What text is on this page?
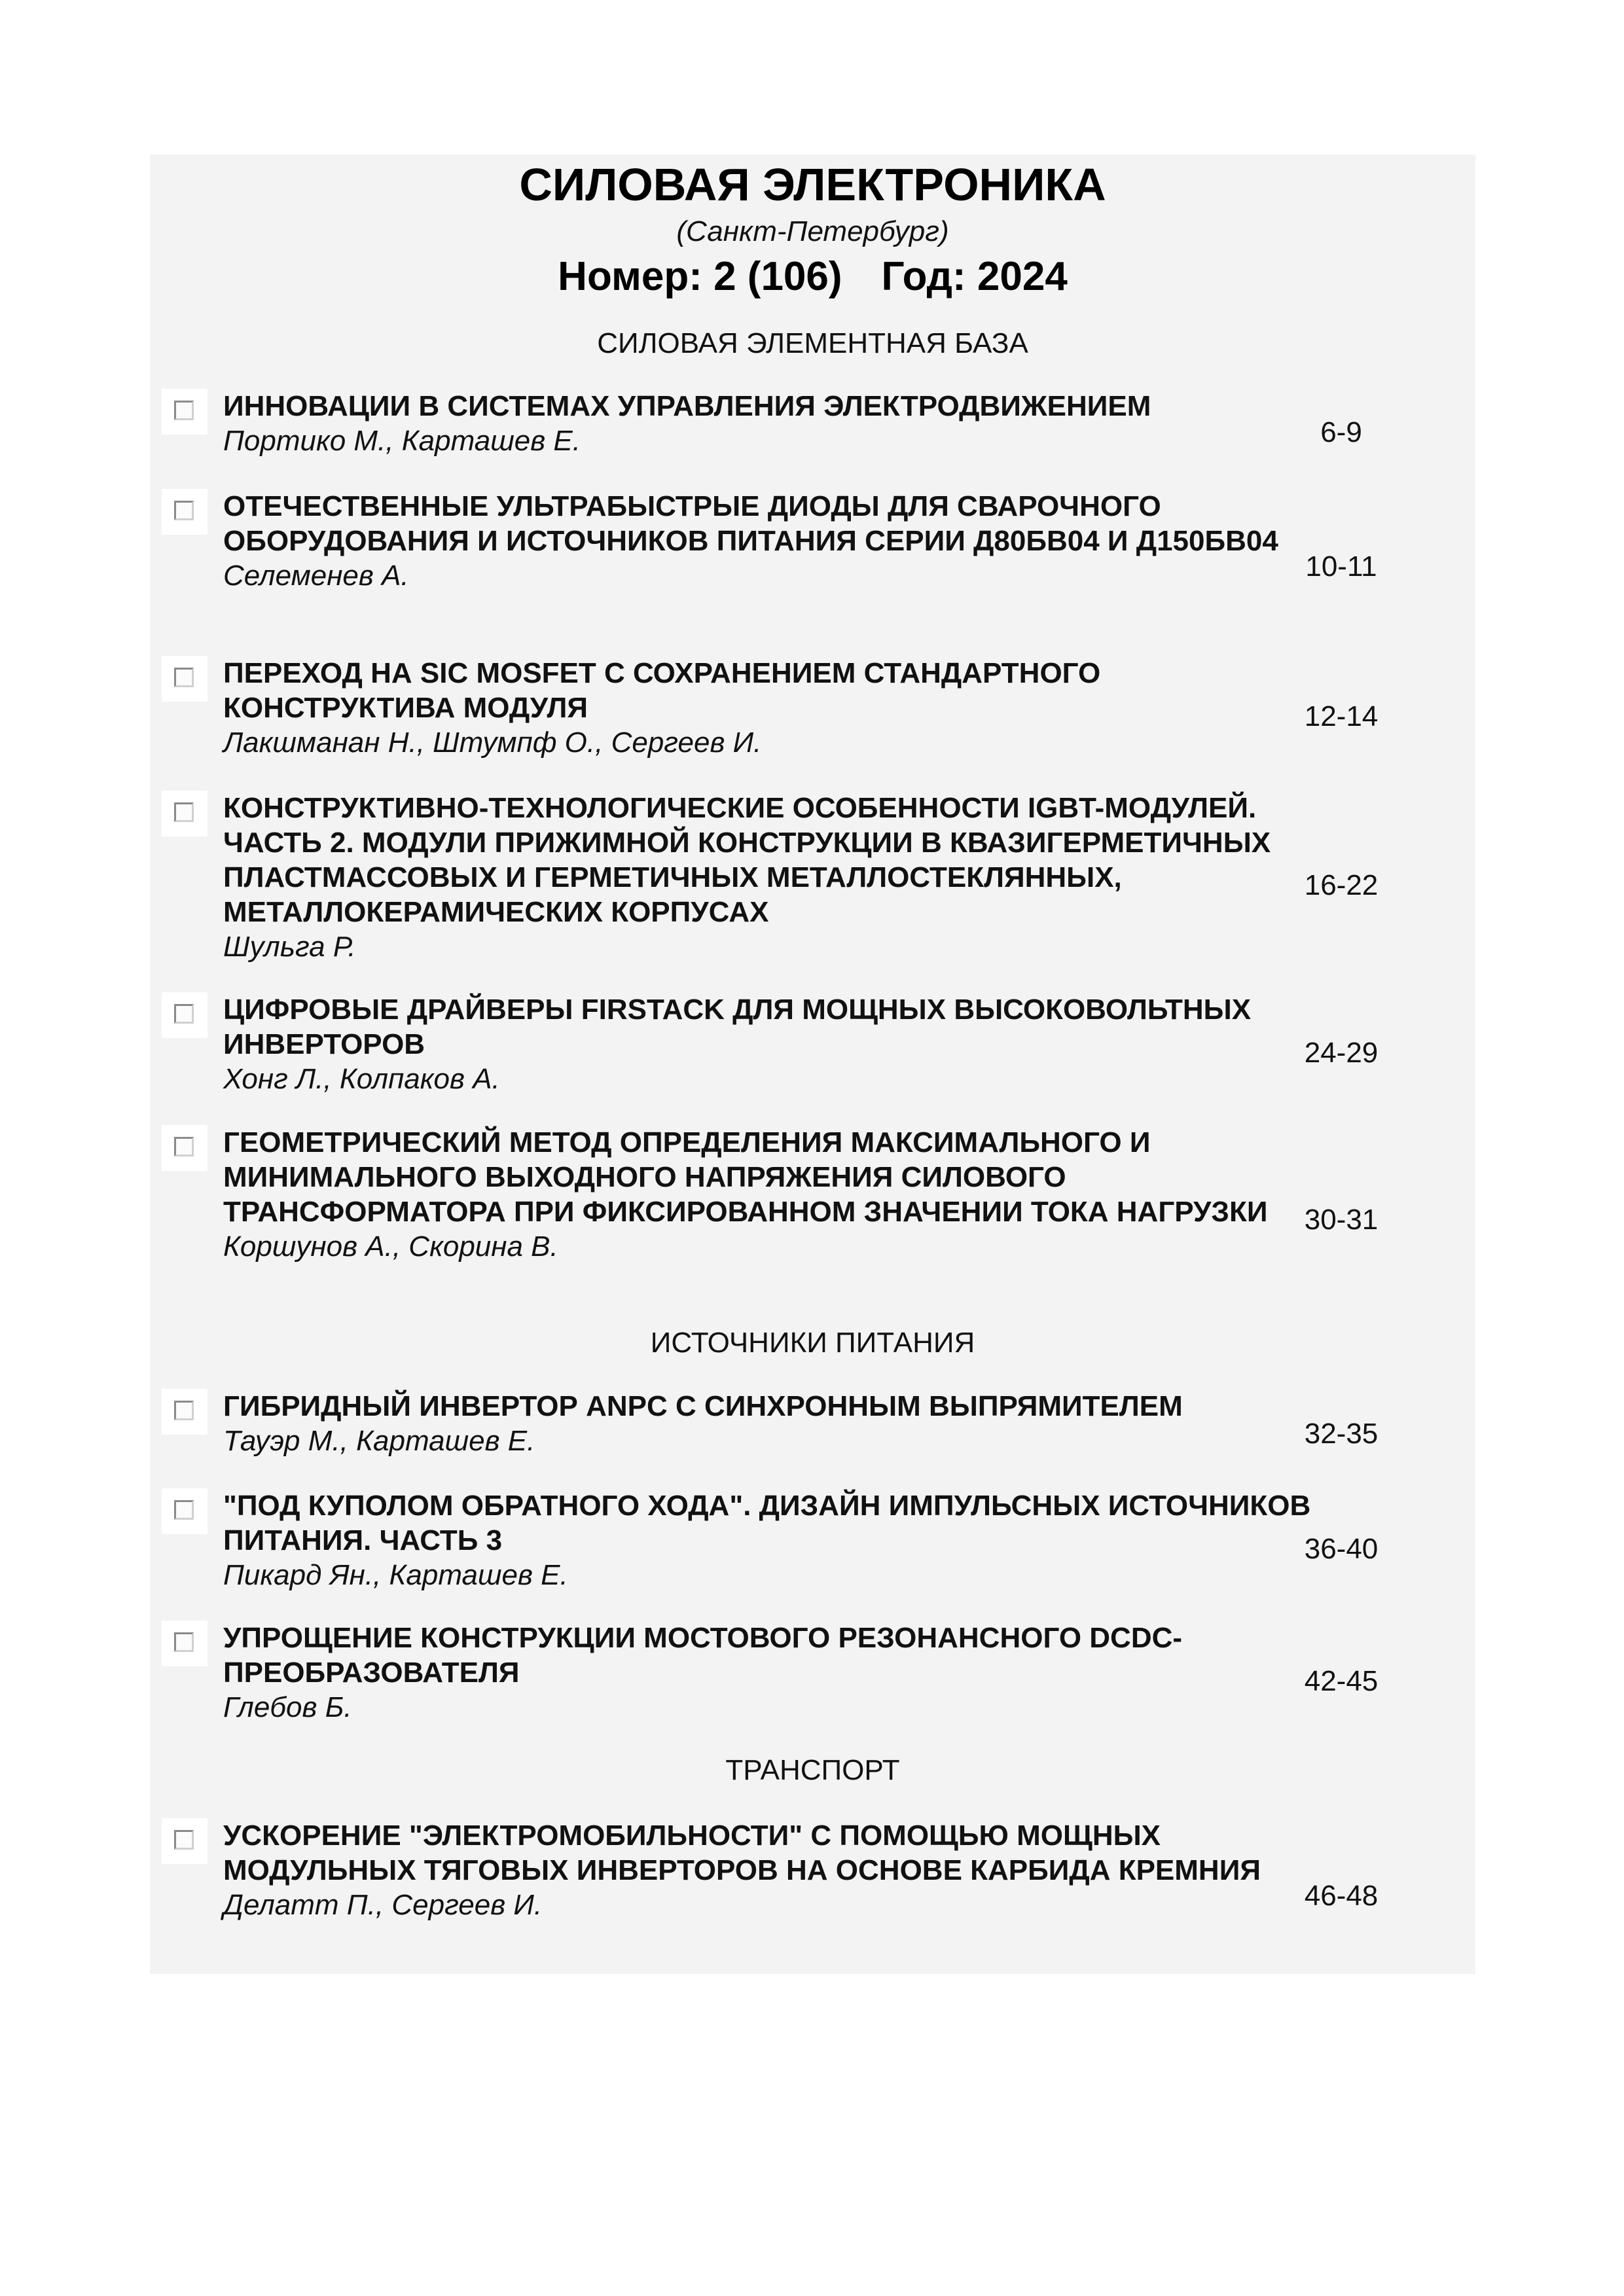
СИЛОВАЯ ЭЛЕКТРОНИКА
(Санкт-Петербург)
Номер: 2 (106) Год: 2024
СИЛОВАЯ ЭЛЕМЕНТНАЯ БАЗА
ИННОВАЦИИ В СИСТЕМАХ УПРАВЛЕНИЯ ЭЛЕКТРОДВИЖЕНИЕМ
Портико М., Карташев Е.	6-9
ОТЕЧЕСТВЕННЫЕ УЛЬТРАБЫСТРЫЕ ДИОДЫ ДЛЯ СВАРОЧНОГО ОБОРУДОВАНИЯ И ИСТОЧНИКОВ ПИТАНИЯ СЕРИИ Д80БВ04 И Д150БВ04
Селеменев А.	10-11
ПЕРЕХОД НА SIC MOSFET С СОХРАНЕНИЕМ СТАНДАРТНОГО КОНСТРУКТИВА МОДУЛЯ
Лакшманан Н., Штумпф О., Сергеев И.
12-14
КОНСТРУКТИВНО-ТЕХНОЛОГИЧЕСКИЕ ОСОБЕННОСТИ IGBT-МОДУЛЕЙ. ЧАСТЬ 2. МОДУЛИ ПРИЖИМНОЙ КОНСТРУКЦИИ В КВАЗИГЕРМЕТИЧНЫХ ПЛАСТМАССОВЫХ И ГЕРМЕТИЧНЫХ МЕТАЛЛОСТЕКЛЯННЫХ, МЕТАЛЛОКЕРАМИЧЕСКИХ КОРПУСАХ
Шульга Р.
16-22
ЦИФРОВЫЕ ДРАЙВЕРЫ FIRSTACK ДЛЯ МОЩНЫХ ВЫСОКОВОЛЬТНЫХ ИНВЕРТОРОВ
Хонг Л., Колпаков А.
24-29
ГЕОМЕТРИЧЕСКИЙ МЕТОД ОПРЕДЕЛЕНИЯ МАКСИМАЛЬНОГО И МИНИМАЛЬНОГО ВЫХОДНОГО НАПРЯЖЕНИЯ СИЛОВОГО ТРАНСФОРМАТОРА ПРИ ФИКСИРОВАННОМ ЗНАЧЕНИИ ТОКА НАГРУЗКИ
Коршунов А., Скорина В.
30-31
ИСТОЧНИКИ ПИТАНИЯ
ГИБРИДНЫЙ ИНВЕРТОР ANPC С СИНХРОННЫМ ВЫПРЯМИТЕЛЕМ
Тауэр М., Карташев Е.	32-35
"ПОД КУПОЛОМ ОБРАТНОГО ХОДА". ДИЗАЙН ИМПУЛЬСНЫХ ИСТОЧНИКОВ ПИТАНИЯ. ЧАСТЬ 3
Пикард Ян., Карташев Е.
36-40
УПРОЩЕНИЕ КОНСТРУКЦИИ МОСТОВОГО РЕЗОНАНСНОГО DCDC-ПРЕОБРАЗОВАТЕЛЯ
Глебов Б.
42-45
ТРАНСПОРТ
УСКОРЕНИЕ "ЭЛЕКТРОМОБИЛЬНОСТИ" С ПОМОЩЬЮ МОЩНЫХ МОДУЛЬНЫХ ТЯГОВЫХ ИНВЕРТОРОВ НА ОСНОВЕ КАРБИДА КРЕМНИЯ
Делатт П., Сергеев И.	46-48
